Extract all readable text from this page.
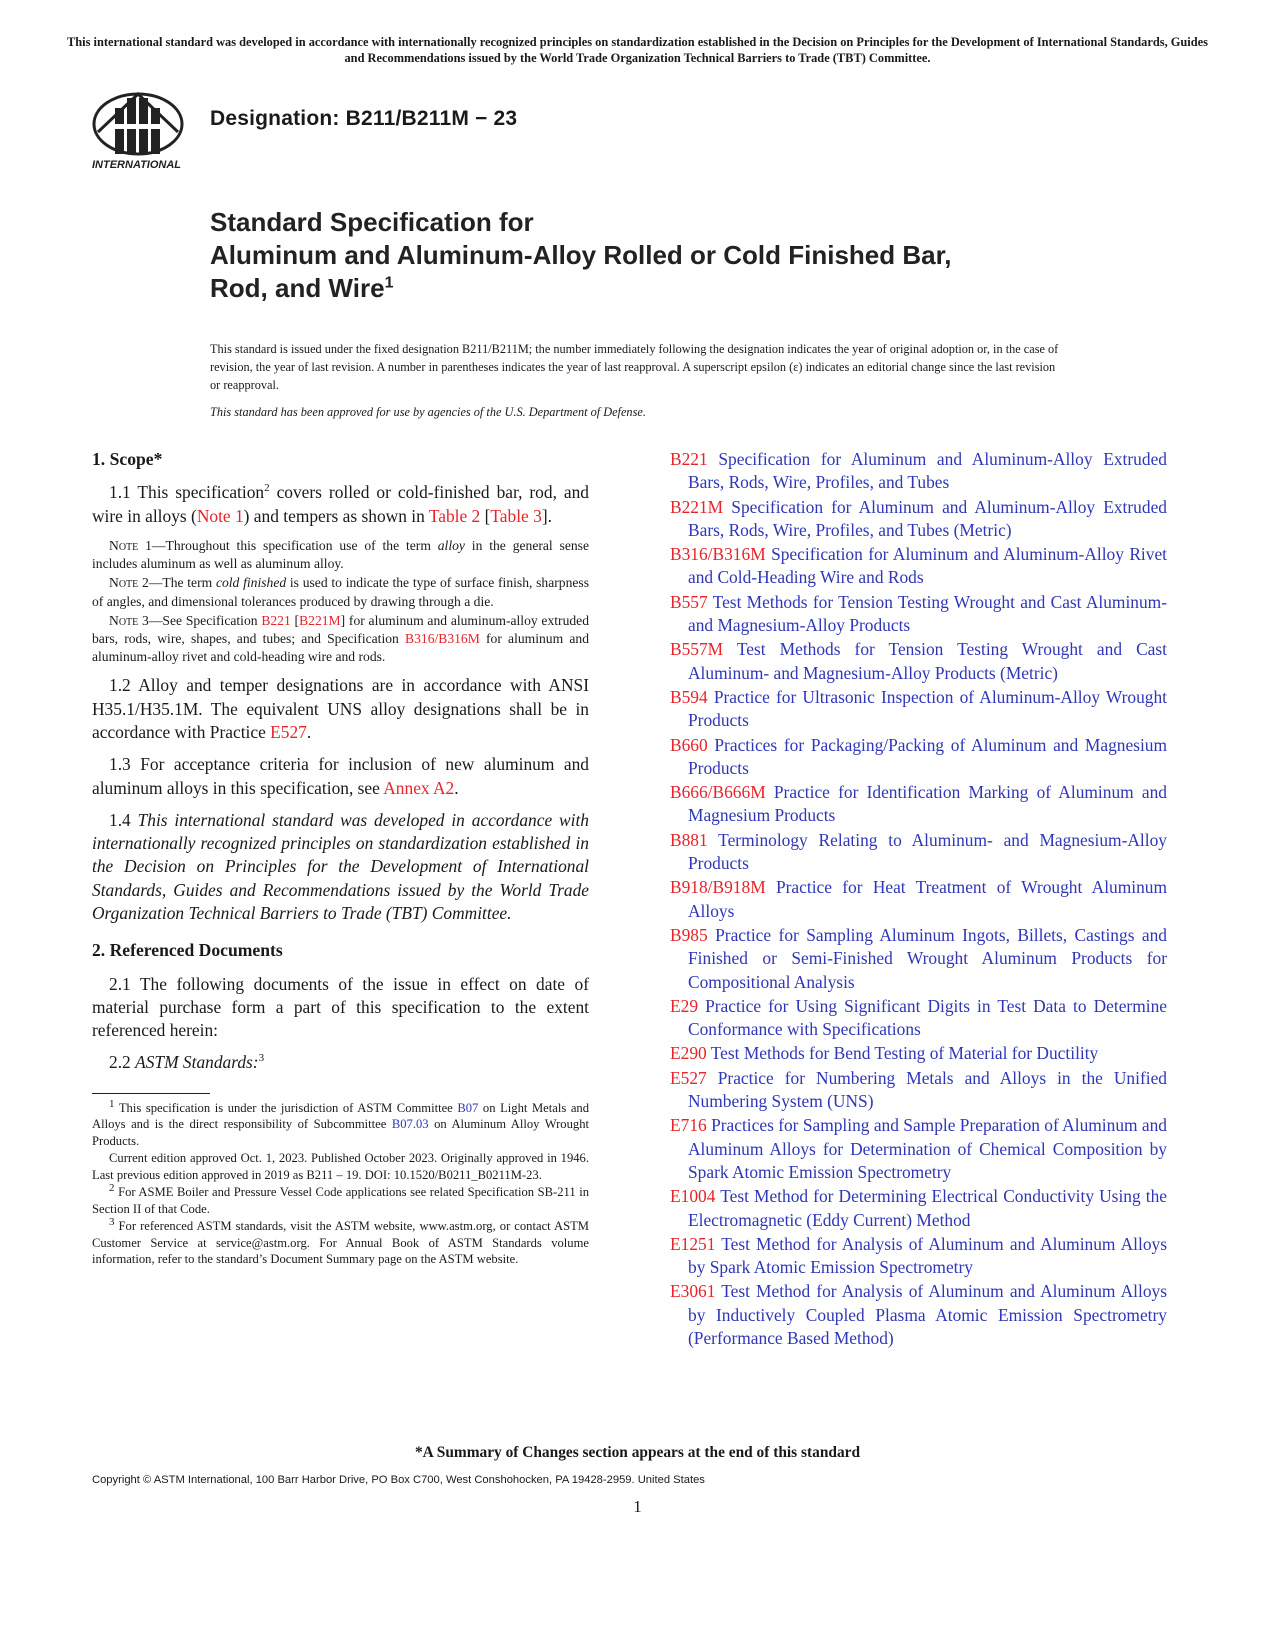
This international standard was developed in accordance with internationally recognized principles on standardization established in the Decision on Principles for the Development of International Standards, Guides and Recommendations issued by the World Trade Organization Technical Barriers to Trade (TBT) Committee.
INTERNATIONAL
Designation: B211/B211M − 23
Standard Specification for
Aluminum and Aluminum-Alloy Rolled or Cold Finished Bar,
Rod, and Wire$^1$
This standard is issued under the fixed designation B211/B211M; the number immediately following the designation indicates the year of original adoption or, in the case of revision, the year of last revision. A number in parentheses indicates the year of last reapproval. A superscript epsilon (ε) indicates an editorial change since the last revision or reapproval.
This standard has been approved for use by agencies of the U.S. Department of Defense.
1. Scope*

1.1 This specification$^2$ covers rolled or cold-finished bar, rod, and wire in alloys (Note 1) and tempers as shown in Table 2 [Table 3].

Note 1—Throughout this specification use of the term alloy in the general sense includes aluminum as well as aluminum alloy.

Note 2—The term cold finished is used to indicate the type of surface finish, sharpness of angles, and dimensional tolerances produced by drawing through a die.

Note 3—See Specification B221 [B221M] for aluminum and aluminum-alloy extruded bars, rods, wire, shapes, and tubes; and Specification B316/B316M for aluminum and aluminum-alloy rivet and cold-heading wire and rods.

1.2 Alloy and temper designations are in accordance with ANSI H35.1/H35.1M. The equivalent UNS alloy designations shall be in accordance with Practice E527.

1.3 For acceptance criteria for inclusion of new aluminum and aluminum alloys in this specification, see Annex A2.

1.4 This international standard was developed in accordance with internationally recognized principles on standardization established in the Decision on Principles for the Development of International Standards, Guides and Recommendations issued by the World Trade Organization Technical Barriers to Trade (TBT) Committee.

2. Referenced Documents

2.1 The following documents of the issue in effect on date of material purchase form a part of this specification to the extent referenced herein:

2.2 ASTM Standards:$^3$

$^1$ This specification is under the jurisdiction of ASTM Committee B07 on Light Metals and Alloys and is the direct responsibility of Subcommittee B07.03 on Aluminum Alloy Wrought Products.

Current edition approved Oct. 1, 2023. Published October 2023. Originally approved in 1946. Last previous edition approved in 2019 as B211 – 19. DOI: 10.1520/B0211_B0211M-23.

$^2$ For ASME Boiler and Pressure Vessel Code applications see related Specification SB-211 in Section II of that Code.

$^3$ For referenced ASTM standards, visit the ASTM website, www.astm.org, or contact ASTM Customer Service at service@astm.org. For Annual Book of ASTM Standards volume information, refer to the standard’s Document Summary page on the ASTM website.

B221 Specification for Aluminum and Aluminum-Alloy Extruded Bars, Rods, Wire, Profiles, and Tubes

B221M Specification for Aluminum and Aluminum-Alloy Extruded Bars, Rods, Wire, Profiles, and Tubes (Metric)

B316/B316M Specification for Aluminum and Aluminum-Alloy Rivet and Cold-Heading Wire and Rods

B557 Test Methods for Tension Testing Wrought and Cast Aluminum- and Magnesium-Alloy Products

B557M Test Methods for Tension Testing Wrought and Cast Aluminum- and Magnesium-Alloy Products (Metric)

B594 Practice for Ultrasonic Inspection of Aluminum-Alloy Wrought Products

B660 Practices for Packaging/Packing of Aluminum and Magnesium Products

B666/B666M Practice for Identification Marking of Aluminum and Magnesium Products

B881 Terminology Relating to Aluminum- and Magnesium-Alloy Products

B918/B918M Practice for Heat Treatment of Wrought Aluminum Alloys

B985 Practice for Sampling Aluminum Ingots, Billets, Castings and Finished or Semi-Finished Wrought Aluminum Products for Compositional Analysis

E29 Practice for Using Significant Digits in Test Data to Determine Conformance with Specifications

E290 Test Methods for Bend Testing of Material for Ductility

E527 Practice for Numbering Metals and Alloys in the Unified Numbering System (UNS)

E716 Practices for Sampling and Sample Preparation of Aluminum and Aluminum Alloys for Determination of Chemical Composition by Spark Atomic Emission Spectrometry

E1004 Test Method for Determining Electrical Conductivity Using the Electromagnetic (Eddy Current) Method

E1251 Test Method for Analysis of Aluminum and Aluminum Alloys by Spark Atomic Emission Spectrometry

E3061 Test Method for Analysis of Aluminum and Aluminum Alloys by Inductively Coupled Plasma Atomic Emission Spectrometry (Performance Based Method)

*A Summary of Changes section appears at the end of this standard
Copyright © ASTM International, 100 Barr Harbor Drive, PO Box C700, West Conshohocken, PA 19428-2959. United States
1
